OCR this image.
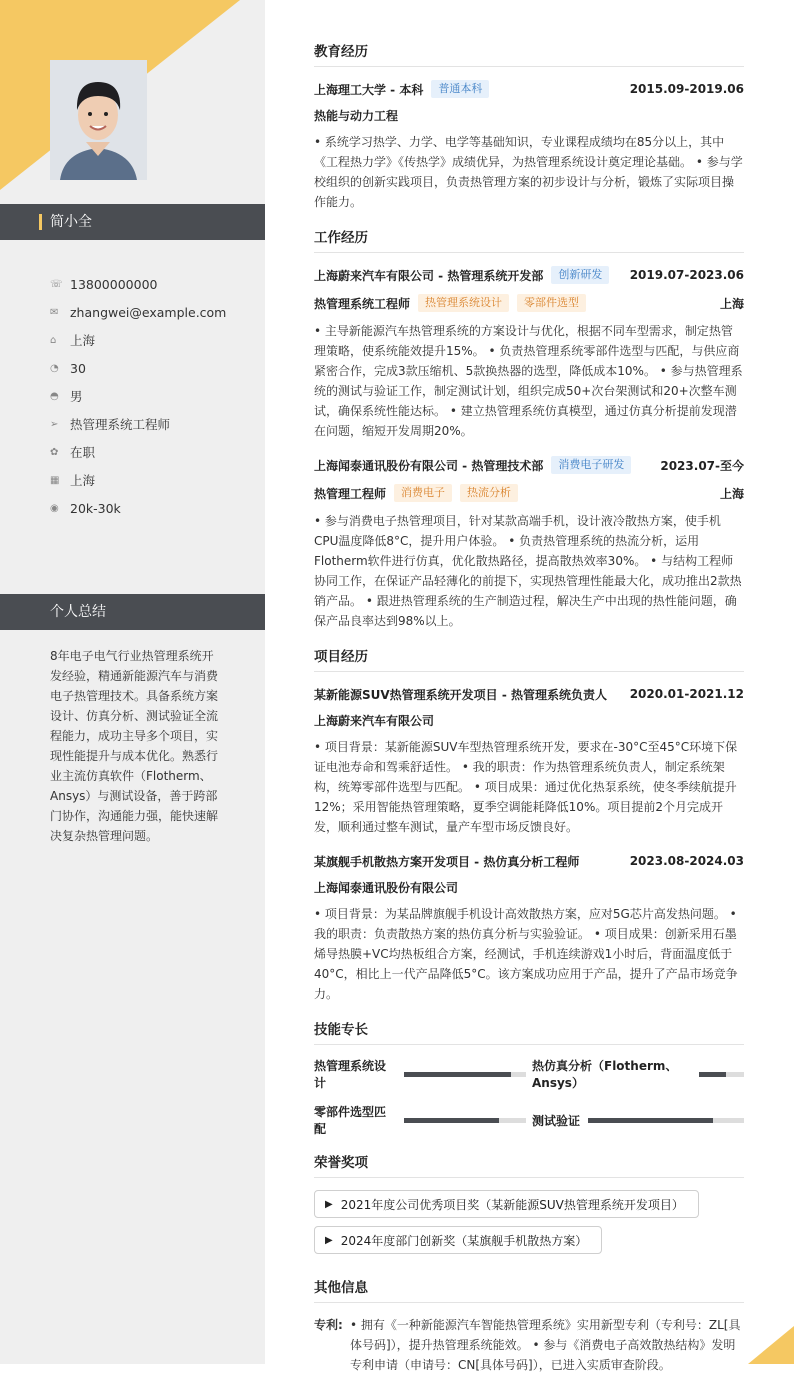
简小全
☏ 13800000000
✉ zhangwei@example.com
⌂	上海
◔ 30
◓ 男
➢ 热管理系统工程师
✿ 在职
▦ 上海
◉ 20k-30k
个人总结
8年电子电气行业热管理系统开发经验，精通新能源汽车与消费电子热管理技术。具备系统方案设计、仿真分析、测试验证全流程能力，成功主导多个项目，实现性能提升与成本优化。熟悉行业主流仿真软件（Flotherm、Ansys）与测试设备，善于跨部门协作，沟通能力强，能快速解决复杂热管理问题。
教育经历
上海理工大学 - 本科	普通本科	2015.09-2019.06
热能与动力工程
• 系统学习热学、力学、电学等基础知识，专业课程成绩均在85分以上，其中《工程热力学》《传热学》成绩优异，为热管理系统设计奠定理论基础。 • 参与学校组织的创新实践项目，负责热管理方案的初步设计与分析，锻炼了实际项目操作能力。
工作经历
上海蔚来汽车有限公司 - 热管理系统开发部	创新研发	2019.07-2023.06
热管理系统工程师	热管理系统设计	零部件选型	上海
• 主导新能源汽车热管理系统的方案设计与优化，根据不同车型需求，制定热管理策略，使系统能效提升15%。 • 负责热管理系统零部件选型与匹配，与供应商紧密合作，完成3款压缩机、5款换热器的选型，降低成本10%。 • 参与热管理系统的测试与验证工作，制定测试计划，组织完成50+次台架测试和20+次整车测试，确保系统性能达标。 • 建立热管理系统仿真模型，通过仿真分析提前发现潜在问题，缩短开发周期20%。
上海闻泰通讯股份有限公司 - 热管理技术部	消费电子研发	2023.07-至今
热管理工程师	消费电子	热流分析	上海
• 参与消费电子热管理项目，针对某款高端手机，设计液冷散热方案，使手机CPU温度降低8°C，提升用户体验。 • 负责热管理系统的热流分析，运用Flotherm软件进行仿真，优化散热路径，提高散热效率30%。 • 与结构工程师协同工作，在保证产品轻薄化的前提下，实现热管理性能最大化，成功推出2款热销产品。 • 跟进热管理系统的生产制造过程，解决生产中出现的热性能问题，确保产品良率达到98%以上。
项目经历
某新能源SUV热管理系统开发项目 - 热管理系统负责人 2020.01-2021.12
上海蔚来汽车有限公司
• 项目背景：某新能源SUV车型热管理系统开发，要求在-30°C至45°C环境下保证电池寿命和驾乘舒适性。 • 我的职责：作为热管理系统负责人，制定系统架构，统筹零部件选型与匹配。 • 项目成果：通过优化热泵系统，使冬季续航提升12%；采用智能热管理策略，夏季空调能耗降低10%。项目提前2个月完成开发，顺利通过整车测试，量产车型市场反馈良好。
某旗舰手机散热方案开发项目 - 热仿真分析工程师	2023.08-2024.03
上海闻泰通讯股份有限公司
• 项目背景：为某品牌旗舰手机设计高效散热方案，应对5G芯片高发热问题。 • 我的职责：负责散热方案的热仿真分析与实验验证。 • 项目成果：创新采用石墨烯导热膜+VC均热板组合方案，经测试，手机连续游戏1小时后，背面温度低于40°C，相比上一代产品降低5°C。该方案成功应用于产品，提升了产品市场竞争力。
技能专长
热管理系统设计
热仿真分析（Flotherm、Ansys）
零部件选型匹配
测试验证
荣誉奖项
▶ 2021年度公司优秀项目奖（某新能源SUV热管理系统开发项目）
▶ 2024年度部门创新奖（某旗舰手机散热方案）
其他信息
专利: • 拥有《一种新能源汽车智能热管理系统》实用新型专利（专利号：ZL[具体号码]），提升热管理系统能效。 • 参与《消费电子高效散热结构》发明专利申请（申请号：CN[具体号码]），已进入实质审查阶段。
